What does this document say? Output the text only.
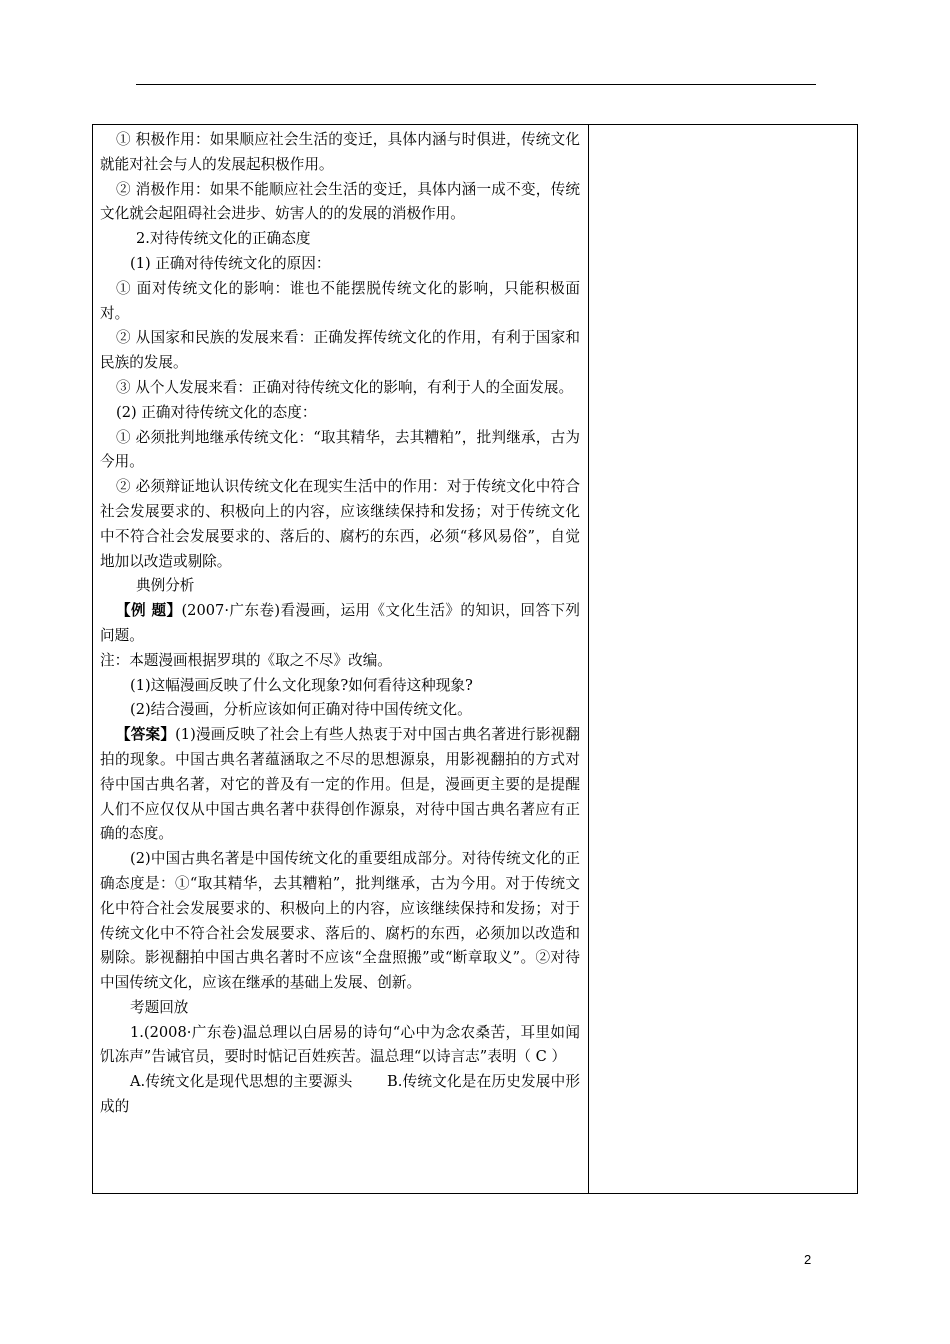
① 积极作用：如果顺应社会生活的变迁，具体内涵与时俱进，传统文化就能对社会与人的发展起积极作用。

② 消极作用：如果不能顺应社会生活的变迁，具体内涵一成不变，传统文化就会起阻碍社会进步、妨害人的的发展的消极作用。

2.对待传统文化的正确态度

(1) 正确对待传统文化的原因：

① 面对传统文化的影响：谁也不能摆脱传统文化的影响，只能积极面对。

② 从国家和民族的发展来看：正确发挥传统文化的作用，有利于国家和民族的发展。

③ 从个人发展来看：正确对待传统文化的影响，有利于人的全面发展。

(2) 正确对待传统文化的态度：

① 必须批判地继承传统文化：“取其精华，去其糟粕”，批判继承，古为今用。

② 必须辩证地认识传统文化在现实生活中的作用：对于传统文化中符合社会发展要求的、积极向上的内容，应该继续保持和发扬；对于传统文化中不符合社会发展要求的、落后的、腐朽的东西，必须“移风易俗”，自觉地加以改造或剔除。

典例分析

【例 题】(2007·广东卷)看漫画，运用《文化生活》的知识，回答下列问题。

注：本题漫画根据罗琪的《取之不尽》改编。

(1)这幅漫画反映了什么文化现象?如何看待这种现象?

(2)结合漫画，分析应该如何正确对待中国传统文化。

【答案】(1)漫画反映了社会上有些人热衷于对中国古典名著进行影视翻拍的现象。中国古典名著蕴涵取之不尽的思想源泉，用影视翻拍的方式对待中国古典名著，对它的普及有一定的作用。但是，漫画更主要的是提醒人们不应仅仅从中国古典名著中获得创作源泉，对待中国古典名著应有正确的态度。

(2)中国古典名著是中国传统文化的重要组成部分。对待传统文化的正确态度是：①“取其精华，去其糟粕”，批判继承，古为今用。对于传统文化中符合社会发展要求的、积极向上的内容，应该继续保持和发扬；对于传统文化中不符合社会发展要求、落后的、腐朽的东西，必须加以改造和剔除。影视翻拍中国古典名著时不应该“全盘照搬”或“断章取义”。②对待中国传统文化，应该在继承的基础上发展、创新。

考题回放

1.(2008·广东卷)温总理以白居易的诗句“心中为念农桑苦，耳里如闻饥冻声”告诫官员，要时时惦记百姓疾苦。温总理“以诗言志”表明（ C ）

A.传统文化是现代思想的主要源头　　 B.传统文化是在历史发展中形成的

2
